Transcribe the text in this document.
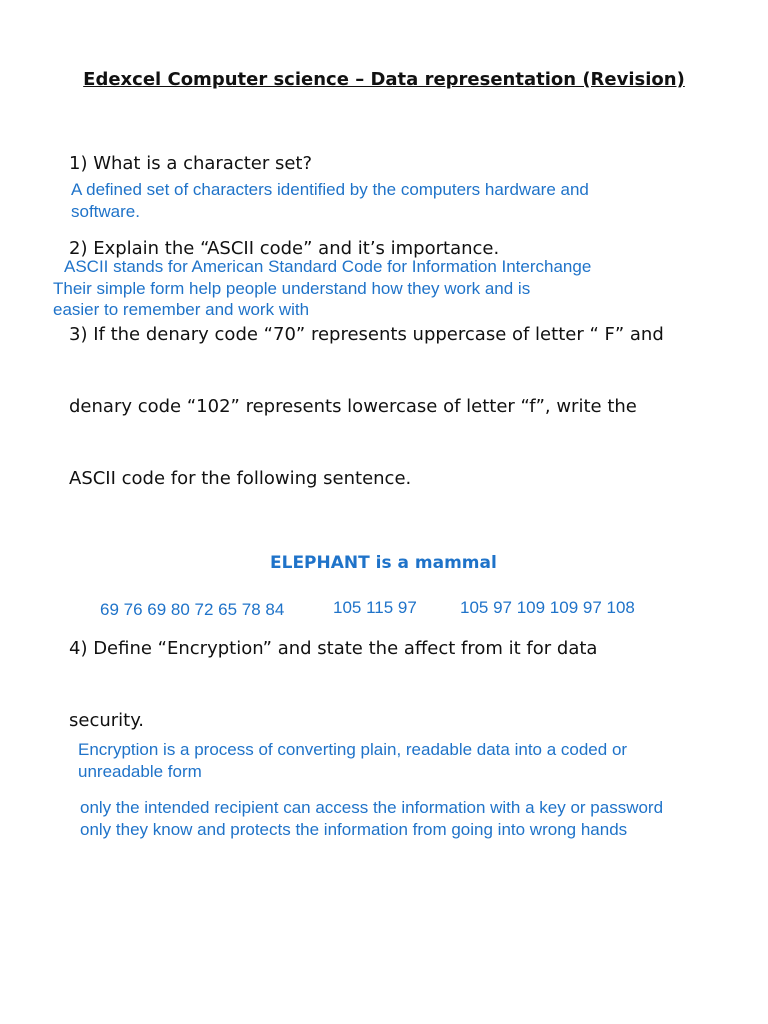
Edexcel Computer science – Data representation (Revision)

1) What is a character set?

A defined set of characters identified by the computers hardware and
software.

2) Explain the “ASCII code” and it’s importance.

ASCII stands for American Standard Code for Information Interchange
Their simple form help people understand how they work and is
easier to remember and work with

3) If the denary code “70” represents uppercase of letter “ F” and

denary code “102” represents lowercase of letter “f”, write the

ASCII code for the following sentence.

ELEPHANT is a mammal
69 76 69 80 72 65 78 84	105 115 97	105 97 109 109 97 108

4) Define “Encryption” and state the affect from it for data

security.

Encryption is a process of converting plain, readable data into a coded or
unreadable form
only the intended recipient can access the information with a key or password
only they know and protects the information from going into wrong hands
